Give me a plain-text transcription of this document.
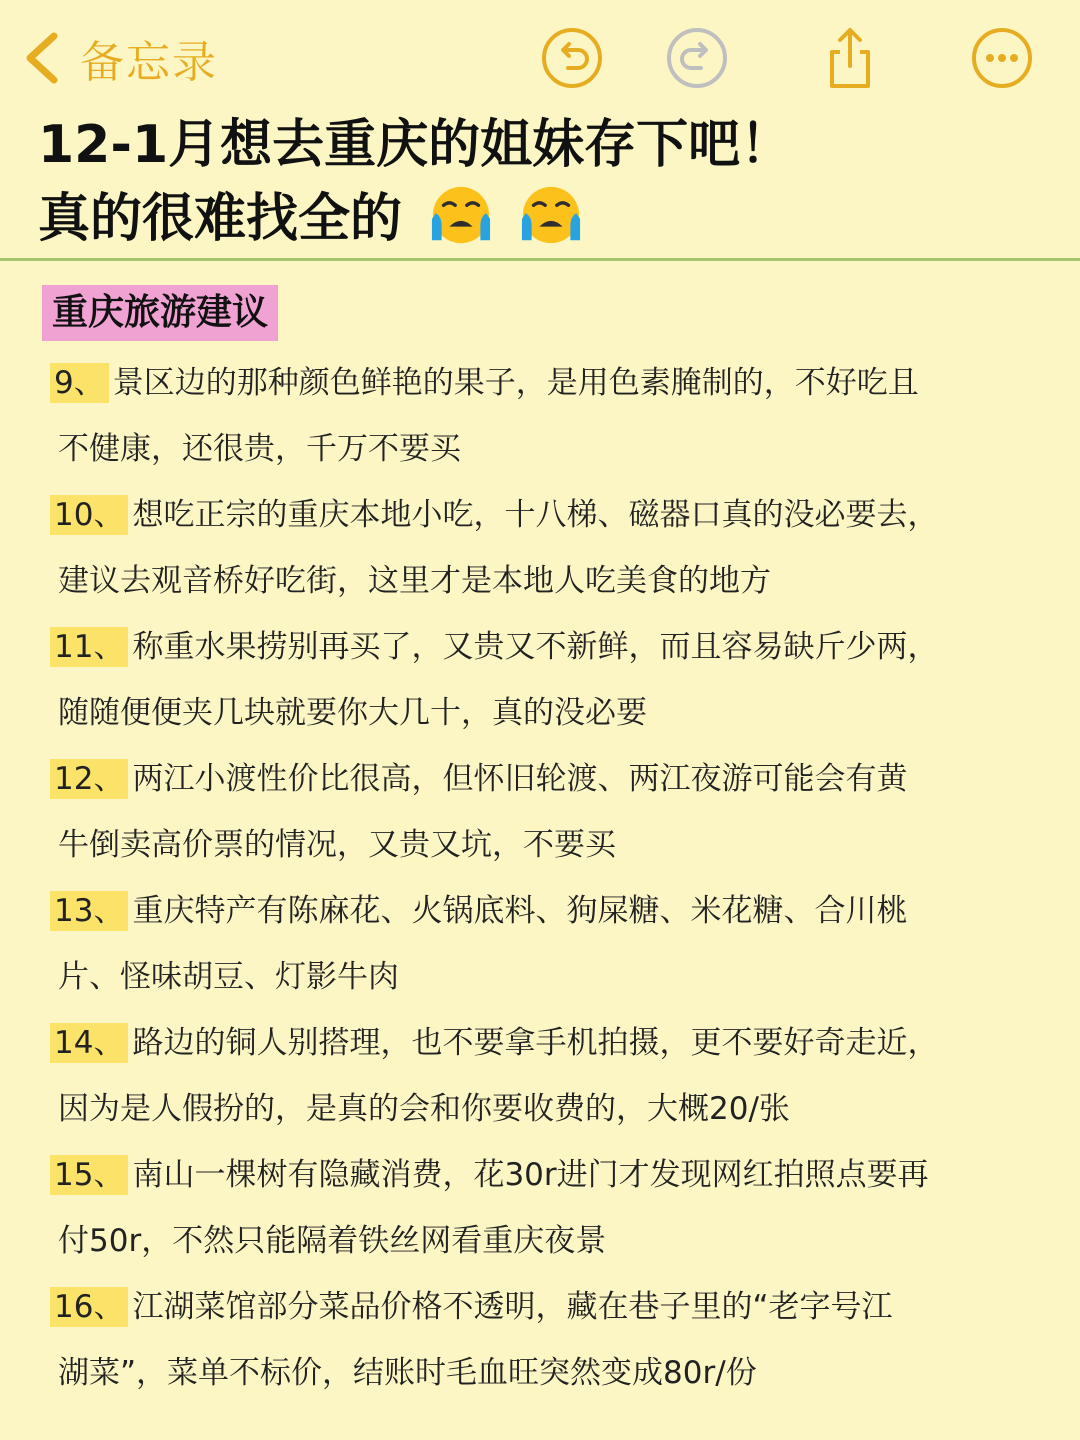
备忘录
12-1月想去重庆的姐妹存下吧！
真的很难找全的
重庆旅游建议
9、 景区边的那种颜色鲜艳的果子，是用色素腌制的，不好吃且
不健康，还很贵，千万不要买
10、 想吃正宗的重庆本地小吃，十八梯、磁器口真的没必要去，
建议去观音桥好吃街，这里才是本地人吃美食的地方
11、 称重水果捞别再买了，又贵又不新鲜，而且容易缺斤少两，
随随便便夹几块就要你大几十，真的没必要
12、 两江小渡性价比很高，但怀旧轮渡、两江夜游可能会有黄
牛倒卖高价票的情况，又贵又坑，不要买
13、 重庆特产有陈麻花、火锅底料、狗屎糖、米花糖、合川桃
片、怪味胡豆、灯影牛肉
14、 路边的铜人别搭理，也不要拿手机拍摄，更不要好奇走近，
因为是人假扮的，是真的会和你要收费的，大概20/张
15、 南山一棵树有隐藏消费，花30r进门才发现网红拍照点要再
付50r，不然只能隔着铁丝网看重庆夜景
16、 江湖菜馆部分菜品价格不透明，藏在巷子里的“老字号江
湖菜”，菜单不标价，结账时毛血旺突然变成80r/份
